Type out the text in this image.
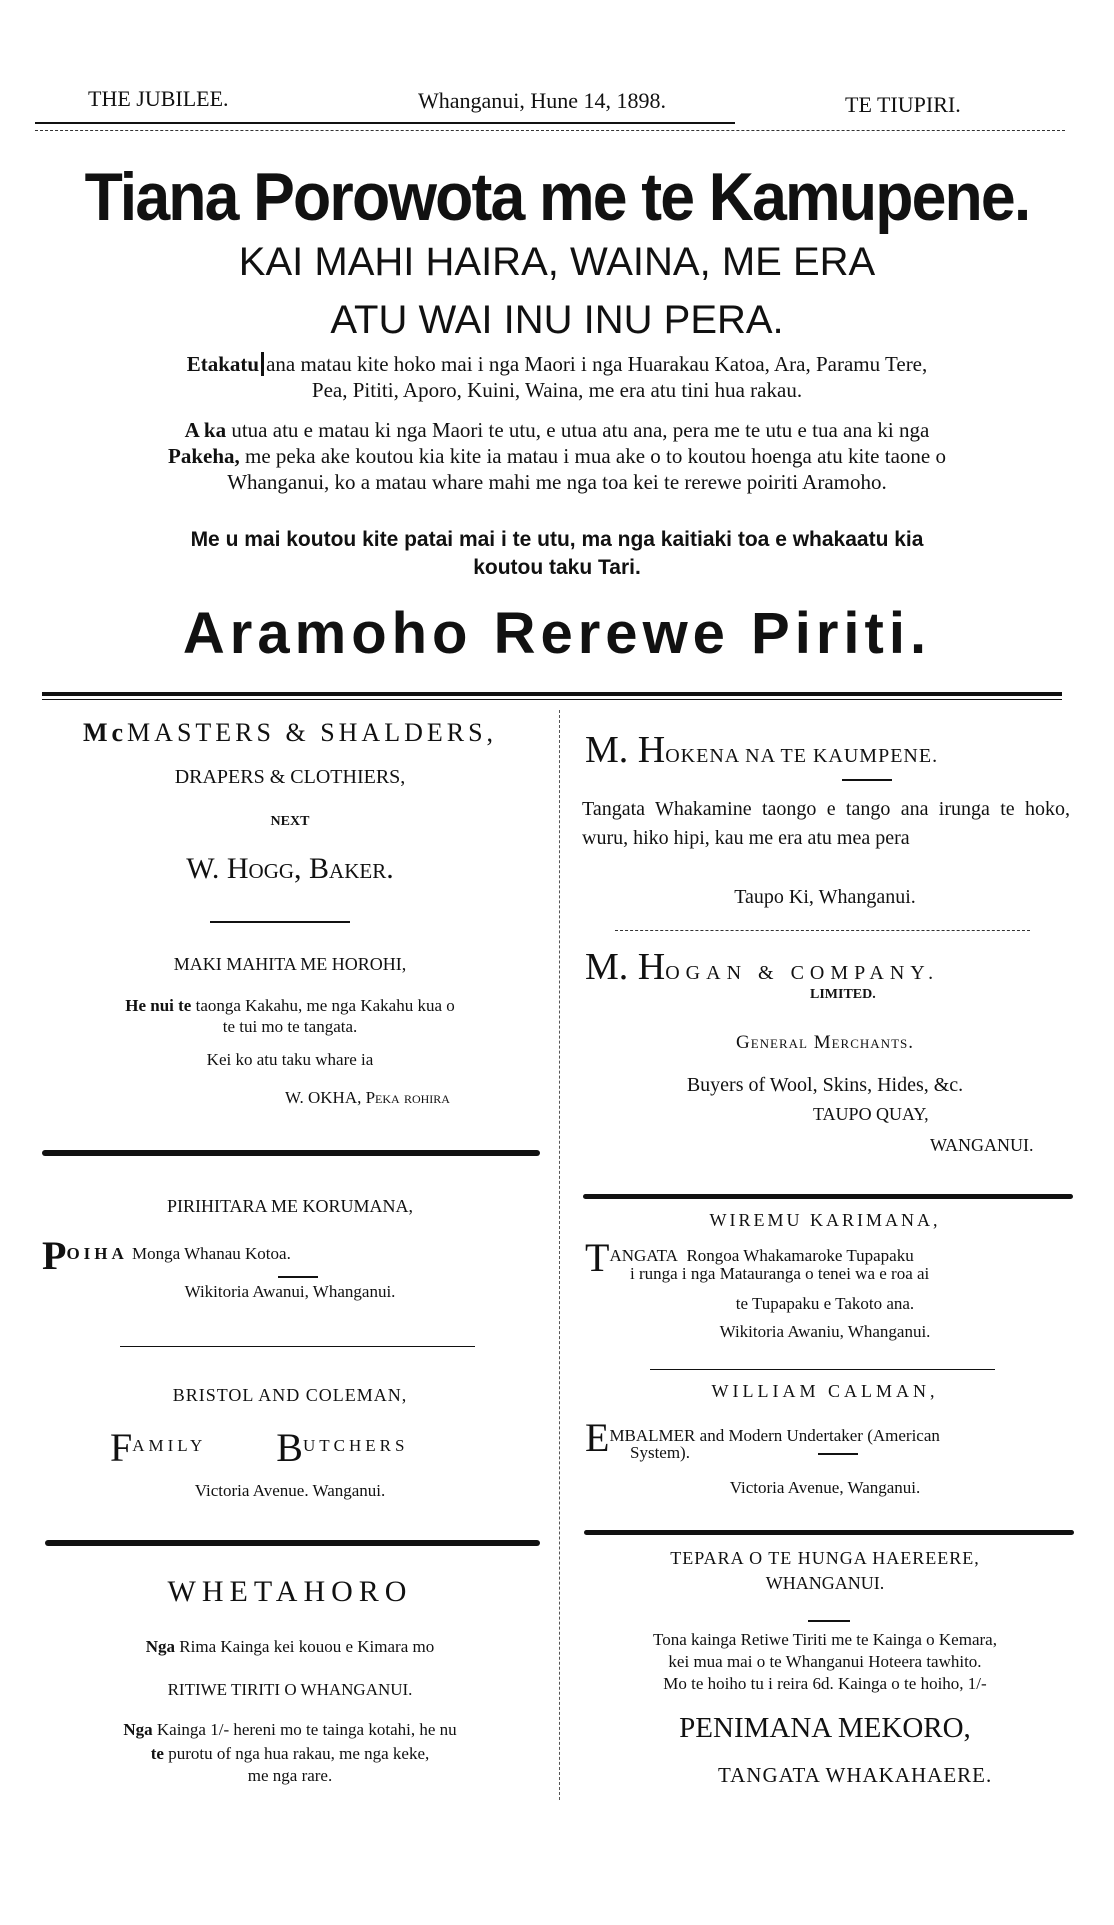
THE JUBILEE.	Whanganui, Hune 14, 1898.	TE TIUPIRI.
Tiana Porowota me te Kamupene.
KAI MAHI HAIRA, WAINA, ME ERA
ATU WAI INU INU PERA.
Etakatu ana matau kite hoko mai i nga Maori i nga Huarakau Katoa, Ara, Paramu Tere,
Pea, Pititi, Aporo, Kuini, Waina, me era atu tini hua rakau.
A ka utua atu e matau ki nga Maori te utu, e utua atu ana, pera me te utu e tua ana ki nga
Pakeha, me peka ake koutou kia kite ia matau i mua ake o to koutou hoenga atu kite taone o
Whanganui, ko a matau whare mahi me nga toa kei te rerewe poiriti Aramoho.
Me u mai koutou kite patai mai i te utu, ma nga kaitiaki toa e whakaatu kia
koutou taku Tari.
Aramoho Rerewe Piriti.
McMASTERS & SHALDERS,
DRAPERS & CLOTHIERS,
NEXT
W. Hogg, Baker.
MAKI MAHITA ME HOROHI,
He nui te taonga Kakahu, me nga Kakahu kua o
te tui mo te tangata.
Kei ko atu taku whare ia
W. OKHA, Peka rohira
PIRIHITARA ME KORUMANA,
POIHA Monga Whanau Kotoa.
Wikitoria Awanui, Whanganui.
BRISTOL AND COLEMAN,
FAMILY BUTCHERS
Victoria Avenue. Wanganui.
WHETAHORO
Nga Rima Kainga kei kouou e Kimara mo
RITIWE TIRITI O WHANGANUI.
Nga Kainga 1/- hereni mo te tainga kotahi, he nu
te purotu of nga hua rakau, me nga keke,
me nga rare.
M. HOKENA NA TE KAUMPENE.
Tangata Whakamine taongo e tango ana irunga te hoko, wuru, hiko hipi, kau me era atu mea pera
Taupo Ki, Whanganui.
M. HOGAN & COMPANY.
LIMITED.
General Merchants.
Buyers of Wool, Skins, Hides, &c.
TAUPO QUAY,
WANGANUI.
WIREMU KARIMANA,
TANGATA Rongoa Whakamaroke Tupapaku
i runga i nga Matauranga o tenei wa e roa ai
te Tupapaku e Takoto ana.
Wikitoria Awaniu, Whanganui.
WILLIAM CALMAN,
EMBALMER and Modern Undertaker (American
System).
Victoria Avenue, Wanganui.
TEPARA O TE HUNGA HAEREERE,
WHANGANUI.
Tona kainga Retiwe Tiriti me te Kainga o Kemara,
kei mua mai o te Whanganui Hoteera tawhito.
Mo te hoiho tu i reira 6d. Kainga o te hoiho, 1/-
PENIMANA MEKORO,
TANGATA WHAKAHAERE.
